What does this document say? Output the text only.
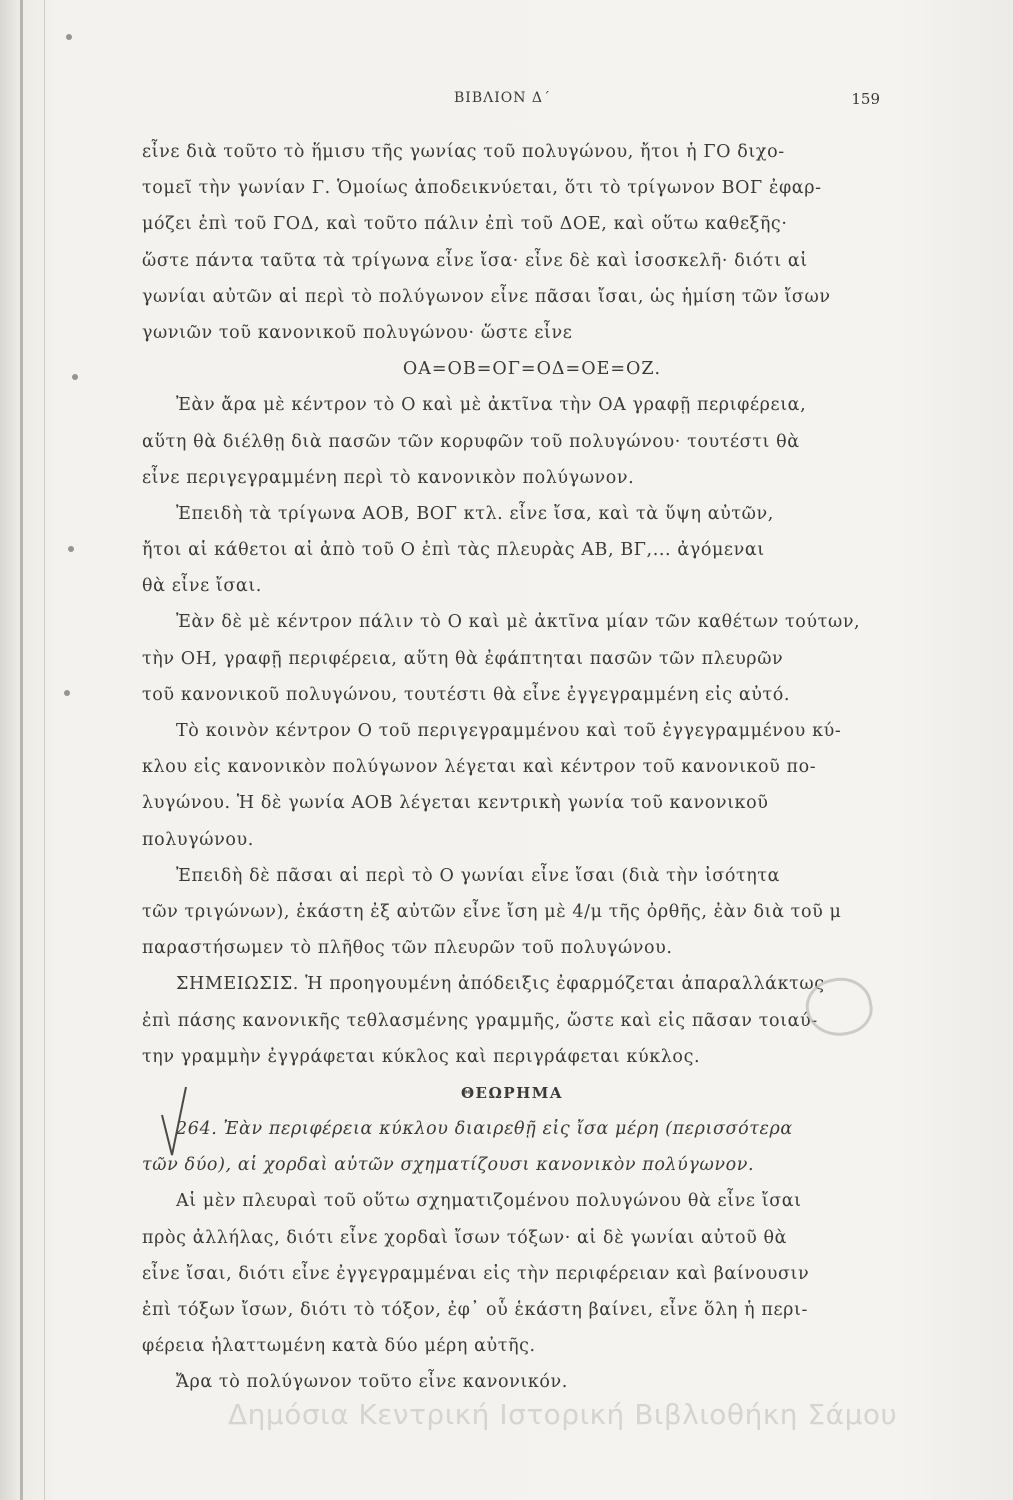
ΒΙΒΛΙΟΝ Δ΄	159
εἶνε διὰ τοῦτο τὸ ἥμισυ τῆς γωνίας τοῦ πολυγώνου, ἤτοι ἡ ΓΟ διχο-
τομεῖ τὴν γωνίαν Γ. Ὁμοίως ἀποδεικνύεται, ὅτι τὸ τρίγωνον ΒΟΓ ἐφαρ-
μόζει ἐπὶ τοῦ ΓΟΔ, καὶ τοῦτο πάλιν ἐπὶ τοῦ ΔΟΕ, καὶ οὕτω καθεξῆς·
ὥστε πάντα ταῦτα τὰ τρίγωνα εἶνε ἴσα· εἶνε δὲ καὶ ἰσοσκελῆ· διότι αἱ
γωνίαι αὐτῶν αἱ περὶ τὸ πολύγωνον εἶνε πᾶσαι ἴσαι, ὡς ἡμίση τῶν ἴσων
γωνιῶν τοῦ κανονικοῦ πολυγώνου· ὥστε εἶνε
ΟΑ=ΟΒ=ΟΓ=ΟΔ=ΟΕ=ΟΖ.
Ἐὰν ἄρα μὲ κέντρον τὸ Ο καὶ μὲ ἀκτῖνα τὴν ΟΑ γραφῇ περιφέρεια,
αὕτη θὰ διέλθῃ διὰ πασῶν τῶν κορυφῶν τοῦ πολυγώνου· τουτέστι θὰ
εἶνε περιγεγραμμένη περὶ τὸ κανονικὸν πολύγωνον.
Ἐπειδὴ τὰ τρίγωνα ΑΟΒ, ΒΟΓ κτλ. εἶνε ἴσα, καὶ τὰ ὕψη αὐτῶν,
ἤτοι αἱ κάθετοι αἱ ἀπὸ τοῦ Ο ἐπὶ τὰς πλευρὰς ΑΒ, ΒΓ,... ἀγόμεναι
θὰ εἶνε ἴσαι.
Ἐὰν δὲ μὲ κέντρον πάλιν τὸ Ο καὶ μὲ ἀκτῖνα μίαν τῶν καθέτων τούτων,
τὴν ΟΗ, γραφῇ περιφέρεια, αὕτη θὰ ἐφάπτηται πασῶν τῶν πλευρῶν
τοῦ κανονικοῦ πολυγώνου, τουτέστι θὰ εἶνε ἐγγεγραμμένη εἰς αὐτό.
Τὸ κοινὸν κέντρον Ο τοῦ περιγεγραμμένου καὶ τοῦ ἐγγεγραμμένου κύ-
κλου εἰς κανονικὸν πολύγωνον λέγεται καὶ κέντρον τοῦ κανονικοῦ πο-
λυγώνου. Ἡ δὲ γωνία ΑΟΒ λέγεται κεντρικὴ γωνία τοῦ κανονικοῦ
πολυγώνου.
Ἐπειδὴ δὲ πᾶσαι αἱ περὶ τὸ Ο γωνίαι εἶνε ἴσαι (διὰ τὴν ἰσότητα
τῶν τριγώνων), ἑκάστη ἐξ αὐτῶν εἶνε ἴση μὲ 4/μ τῆς ὀρθῆς, ἐὰν διὰ τοῦ μ
παραστήσωμεν τὸ πλῆθος τῶν πλευρῶν τοῦ πολυγώνου.
ΣΗΜΕΙΩΣΙΣ. Ἡ προηγουμένη ἀπόδειξις ἐφαρμόζεται ἀπαραλλάκτως
ἐπὶ πάσης κανονικῆς τεθλασμένης γραμμῆς, ὥστε καὶ εἰς πᾶσαν τοιαύ-
την γραμμὴν ἐγγράφεται κύκλος καὶ περιγράφεται κύκλος.
ΘΕΩΡΗΜΑ
264. Ἐὰν περιφέρεια κύκλου διαιρεθῇ εἰς ἴσα μέρη (περισσότερα
τῶν δύο), αἱ χορδαὶ αὐτῶν σχηματίζουσι κανονικὸν πολύγωνον.
Αἱ μὲν πλευραὶ τοῦ οὕτω σχηματιζομένου πολυγώνου θὰ εἶνε ἴσαι
πρὸς ἀλλήλας, διότι εἶνε χορδαὶ ἴσων τόξων· αἱ δὲ γωνίαι αὐτοῦ θὰ
εἶνε ἴσαι, διότι εἶνε ἐγγεγραμμέναι εἰς τὴν περιφέρειαν καὶ βαίνουσιν
ἐπὶ τόξων ἴσων, διότι τὸ τόξον, ἐφ᾽ οὗ ἑκάστη βαίνει, εἶνε ὅλη ἡ περι-
φέρεια ἠλαττωμένη κατὰ δύο μέρη αὐτῆς.
Ἄρα τὸ πολύγωνον τοῦτο εἶνε κανονικόν.
Δημόσια Κεντρική Ιστορική Βιβλιοθήκη Σάμου
